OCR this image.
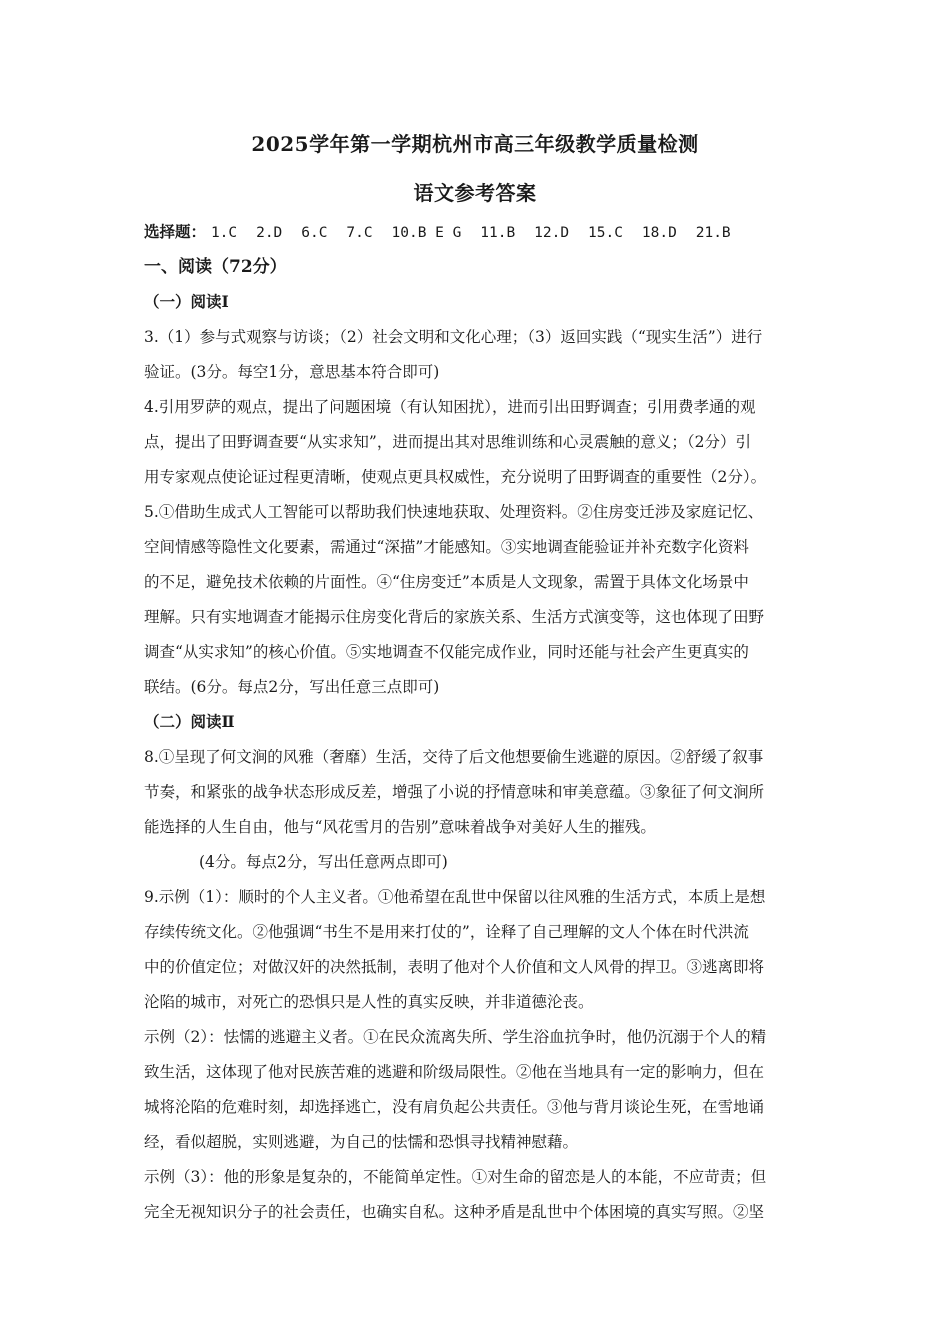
2025学年第一学期杭州市高三年级教学质量检测
语文参考答案
选择题： 1.C 2.D 6.C 7.C 10.B E G 11.B 12.D 15.C 18.D 21.B
一、阅读（72分）
（一）阅读Ⅰ
3.（1）参与式观察与访谈；（2）社会文明和文化心理；（3）返回实践（“现实生活”）进行
验证。(3分。每空1分，意思基本符合即可)
4.引用罗萨的观点，提出了问题困境（有认知困扰），进而引出田野调查；引用费孝通的观
点，提出了田野调查要“从实求知”，进而提出其对思维训练和心灵震触的意义；（2分）引
用专家观点使论证过程更清晰，使观点更具权威性，充分说明了田野调查的重要性（2分）。
5.①借助生成式人工智能可以帮助我们快速地获取、处理资料。②住房变迁涉及家庭记忆、
空间情感等隐性文化要素，需通过“深描”才能感知。③实地调查能验证并补充数字化资料
的不足，避免技术依赖的片面性。④“住房变迁”本质是人文现象，需置于具体文化场景中
理解。只有实地调查才能揭示住房变化背后的家族关系、生活方式演变等，这也体现了田野
调查“从实求知”的核心价值。⑤实地调查不仅能完成作业，同时还能与社会产生更真实的
联结。(6分。每点2分，写出任意三点即可)
（二）阅读Ⅱ
8.①呈现了何文涧的风雅（奢靡）生活，交待了后文他想要偷生逃避的原因。②舒缓了叙事
节奏，和紧张的战争状态形成反差，增强了小说的抒情意味和审美意蕴。③象征了何文涧所
能选择的人生自由，他与“风花雪月的告别”意味着战争对美好人生的摧残。
(4分。每点2分，写出任意两点即可)
9.示例（1）：顺时的个人主义者。①他希望在乱世中保留以往风雅的生活方式，本质上是想
存续传统文化。②他强调“书生不是用来打仗的”，诠释了自己理解的文人个体在时代洪流
中的价值定位；对做汉奸的决然抵制，表明了他对个人价值和文人风骨的捍卫。③逃离即将
沦陷的城市，对死亡的恐惧只是人性的真实反映，并非道德沦丧。
示例（2）：怯懦的逃避主义者。①在民众流离失所、学生浴血抗争时，他仍沉溺于个人的精
致生活，这体现了他对民族苦难的逃避和阶级局限性。②他在当地具有一定的影响力，但在
城将沦陷的危难时刻，却选择逃亡，没有肩负起公共责任。③他与背月谈论生死，在雪地诵
经，看似超脱，实则逃避，为自己的怯懦和恐惧寻找精神慰藉。
示例（3）：他的形象是复杂的，不能简单定性。①对生命的留恋是人的本能，不应苛责；但
完全无视知识分子的社会责任，也确实自私。这种矛盾是乱世中个体困境的真实写照。②坚
